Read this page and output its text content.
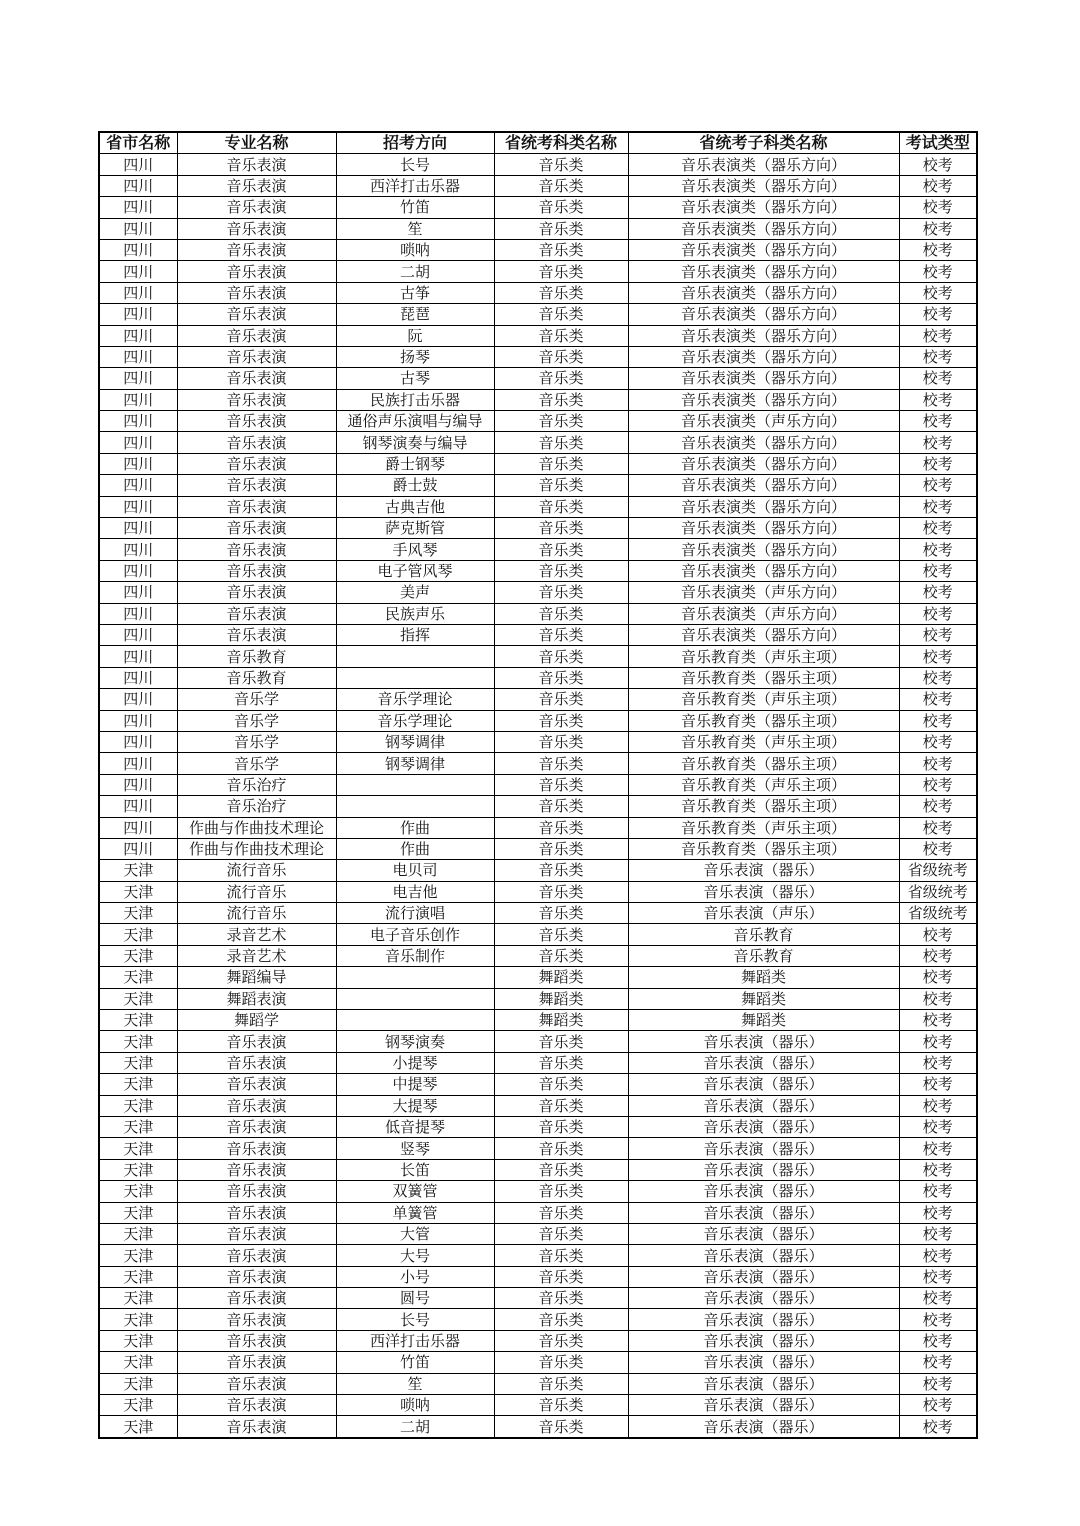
省市名称	专业名称	招考方向	省统考科类名称	省统考子科类名称	考试类型
四川	音乐表演	长号	音乐类	音乐表演类（器乐方向）	校考
四川	音乐表演	西洋打击乐器	音乐类	音乐表演类（器乐方向）	校考
四川	音乐表演	竹笛	音乐类	音乐表演类（器乐方向）	校考
四川	音乐表演	笙	音乐类	音乐表演类（器乐方向）	校考
四川	音乐表演	唢呐	音乐类	音乐表演类（器乐方向）	校考
四川	音乐表演	二胡	音乐类	音乐表演类（器乐方向）	校考
四川	音乐表演	古筝	音乐类	音乐表演类（器乐方向）	校考
四川	音乐表演	琵琶	音乐类	音乐表演类（器乐方向）	校考
四川	音乐表演	阮	音乐类	音乐表演类（器乐方向）	校考
四川	音乐表演	扬琴	音乐类	音乐表演类（器乐方向）	校考
四川	音乐表演	古琴	音乐类	音乐表演类（器乐方向）	校考
四川	音乐表演	民族打击乐器	音乐类	音乐表演类（器乐方向）	校考
四川	音乐表演	通俗声乐演唱与编导	音乐类	音乐表演类（声乐方向）	校考
四川	音乐表演	钢琴演奏与编导	音乐类	音乐表演类（器乐方向）	校考
四川	音乐表演	爵士钢琴	音乐类	音乐表演类（器乐方向）	校考
四川	音乐表演	爵士鼓	音乐类	音乐表演类（器乐方向）	校考
四川	音乐表演	古典吉他	音乐类	音乐表演类（器乐方向）	校考
四川	音乐表演	萨克斯管	音乐类	音乐表演类（器乐方向）	校考
四川	音乐表演	手风琴	音乐类	音乐表演类（器乐方向）	校考
四川	音乐表演	电子管风琴	音乐类	音乐表演类（器乐方向）	校考
四川	音乐表演	美声	音乐类	音乐表演类（声乐方向）	校考
四川	音乐表演	民族声乐	音乐类	音乐表演类（声乐方向）	校考
四川	音乐表演	指挥	音乐类	音乐表演类（器乐方向）	校考
四川	音乐教育		音乐类	音乐教育类（声乐主项）	校考
四川	音乐教育		音乐类	音乐教育类（器乐主项）	校考
四川	音乐学	音乐学理论	音乐类	音乐教育类（声乐主项）	校考
四川	音乐学	音乐学理论	音乐类	音乐教育类（器乐主项）	校考
四川	音乐学	钢琴调律	音乐类	音乐教育类（声乐主项）	校考
四川	音乐学	钢琴调律	音乐类	音乐教育类（器乐主项）	校考
四川	音乐治疗		音乐类	音乐教育类（声乐主项）	校考
四川	音乐治疗		音乐类	音乐教育类（器乐主项）	校考
四川	作曲与作曲技术理论	作曲	音乐类	音乐教育类（声乐主项）	校考
四川	作曲与作曲技术理论	作曲	音乐类	音乐教育类（器乐主项）	校考
天津	流行音乐	电贝司	音乐类	音乐表演（器乐）	省级统考
天津	流行音乐	电吉他	音乐类	音乐表演（器乐）	省级统考
天津	流行音乐	流行演唱	音乐类	音乐表演（声乐）	省级统考
天津	录音艺术	电子音乐创作	音乐类	音乐教育	校考
天津	录音艺术	音乐制作	音乐类	音乐教育	校考
天津	舞蹈编导		舞蹈类	舞蹈类	校考
天津	舞蹈表演		舞蹈类	舞蹈类	校考
天津	舞蹈学		舞蹈类	舞蹈类	校考
天津	音乐表演	钢琴演奏	音乐类	音乐表演（器乐）	校考
天津	音乐表演	小提琴	音乐类	音乐表演（器乐）	校考
天津	音乐表演	中提琴	音乐类	音乐表演（器乐）	校考
天津	音乐表演	大提琴	音乐类	音乐表演（器乐）	校考
天津	音乐表演	低音提琴	音乐类	音乐表演（器乐）	校考
天津	音乐表演	竖琴	音乐类	音乐表演（器乐）	校考
天津	音乐表演	长笛	音乐类	音乐表演（器乐）	校考
天津	音乐表演	双簧管	音乐类	音乐表演（器乐）	校考
天津	音乐表演	单簧管	音乐类	音乐表演（器乐）	校考
天津	音乐表演	大管	音乐类	音乐表演（器乐）	校考
天津	音乐表演	大号	音乐类	音乐表演（器乐）	校考
天津	音乐表演	小号	音乐类	音乐表演（器乐）	校考
天津	音乐表演	圆号	音乐类	音乐表演（器乐）	校考
天津	音乐表演	长号	音乐类	音乐表演（器乐）	校考
天津	音乐表演	西洋打击乐器	音乐类	音乐表演（器乐）	校考
天津	音乐表演	竹笛	音乐类	音乐表演（器乐）	校考
天津	音乐表演	笙	音乐类	音乐表演（器乐）	校考
天津	音乐表演	唢呐	音乐类	音乐表演（器乐）	校考
天津	音乐表演	二胡	音乐类	音乐表演（器乐）	校考
